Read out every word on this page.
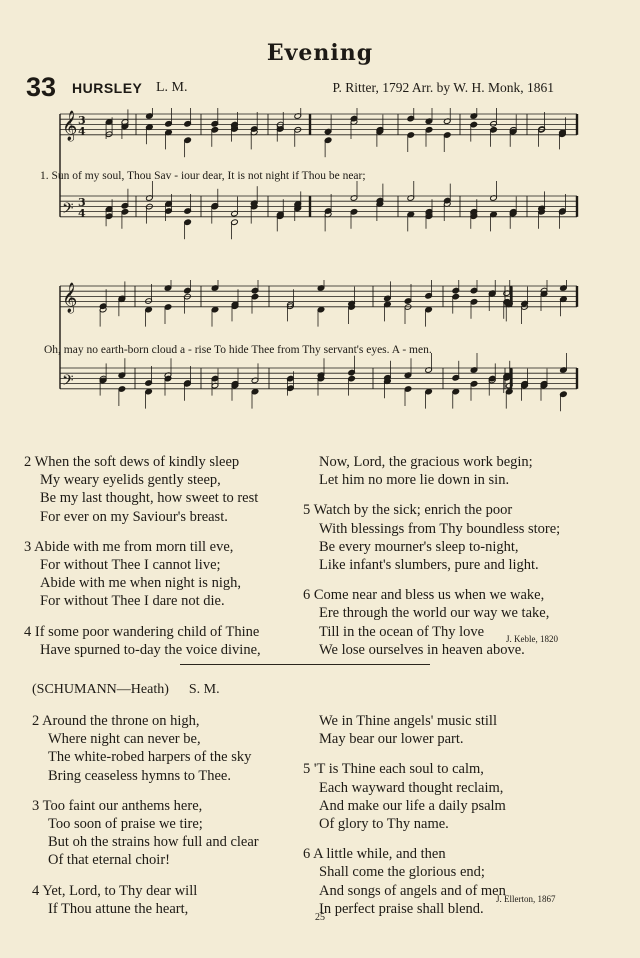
Evening
33 HURSLEY L. M.	P. Ritter, 1792 Arr. by W. H. Monk, 1861
𝄞 3
4
𝄢 3
4
1. Sun of my soul, Thou Sav - iour dear, It is not night if Thou be near;
𝄞
𝄢
Oh, may no earth-born cloud a - rise To hide Thee from Thy servant's eyes. A - men.
2 When the soft dews of kindly sleep
My weary eyelids gently steep,
Be my last thought, how sweet to rest
For ever on my Saviour's breast.
3 Abide with me from morn till eve,
For without Thee I cannot live;
Abide with me when night is nigh,
For without Thee I dare not die.
4 If some poor wandering child of Thine
Have spurned to-day the voice divine,
Now, Lord, the gracious work begin;
Let him no more lie down in sin.
5 Watch by the sick; enrich the poor
With blessings from Thy boundless store;
Be every mourner's sleep to-night,
Like infant's slumbers, pure and light.
6 Come near and bless us when we wake,
Ere through the world our way we take,
Till in the ocean of Thy love
We lose ourselves in heaven above.
J. Keble, 1820
(SCHUMANN—Heath) S. M.
2 Around the throne on high,
Where night can never be,
The white-robed harpers of the sky
Bring ceaseless hymns to Thee.
3 Too faint our anthems here,
Too soon of praise we tire;
But oh the strains how full and clear
Of that eternal choir!
4 Yet, Lord, to Thy dear will
If Thou attune the heart,
We in Thine angels' music still
May bear our lower part.
5 'T is Thine each soul to calm,
Each wayward thought reclaim,
And make our life a daily psalm
Of glory to Thy name.
6 A little while, and then
Shall come the glorious end;
And songs of angels and of men
In perfect praise shall blend.
J. Ellerton, 1867
25
